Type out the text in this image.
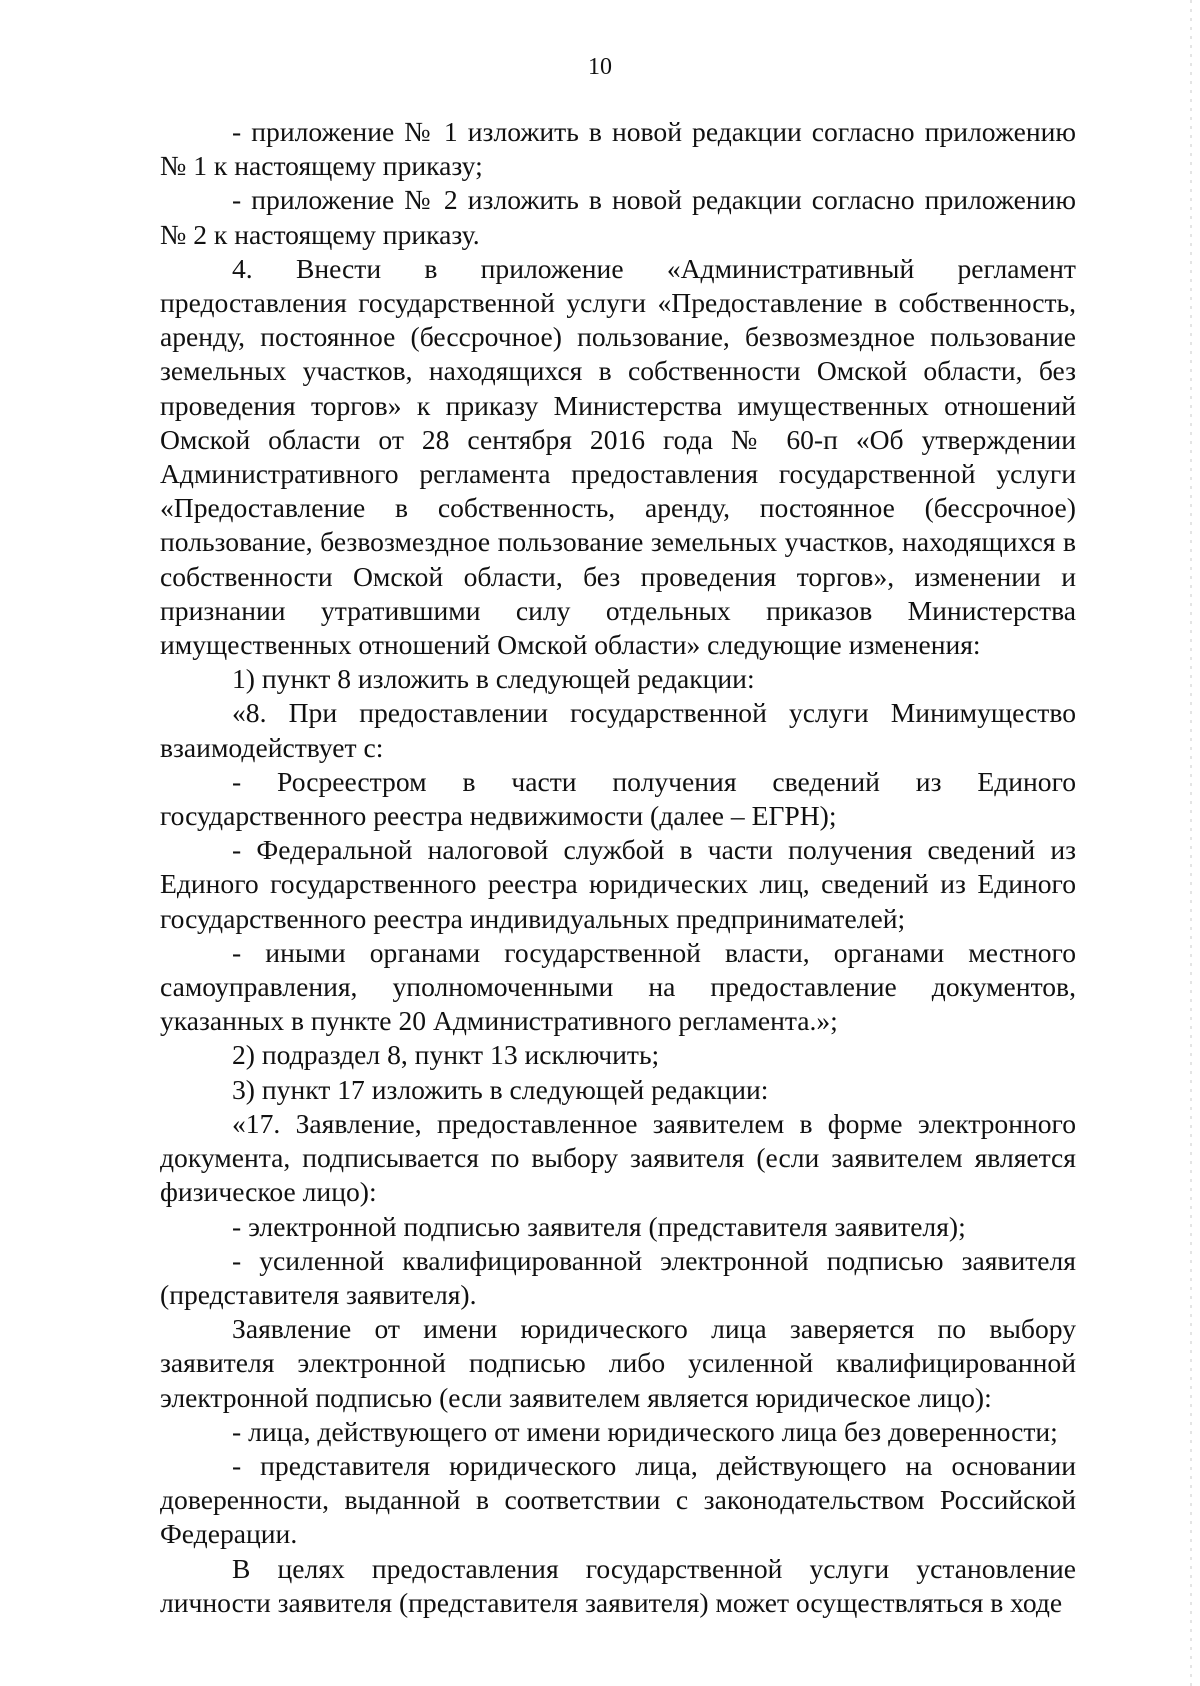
10

- приложение № 1 изложить в новой редакции согласно приложению № 1 к настоящему приказу;

- приложение № 2 изложить в новой редакции согласно приложению № 2 к настоящему приказу.

4. Внести в приложение «Административный регламент предоставления государственной услуги «Предоставление в собственность, аренду, постоянное (бессрочное) пользование, безвозмездное пользование земельных участков, находящихся в собственности Омской области, без проведения торгов» к приказу Министерства имущественных отношений Омской области от 28 сентября 2016 года № 60-п «Об утверждении Административного регламента предоставления государственной услуги «Предоставление в собственность, аренду, постоянное (бессрочное) пользование, безвозмездное пользование земельных участков, находящихся в собственности Омской области, без проведения торгов», изменении и признании утратившими силу отдельных приказов Министерства имущественных отношений Омской области» следующие изменения:

1) пункт 8 изложить в следующей редакции:

«8. При предоставлении государственной услуги Минимущество взаимодействует с:

- Росреестром в части получения сведений из Единого государственного реестра недвижимости (далее – ЕГРН);

- Федеральной налоговой службой в части получения сведений из Единого государственного реестра юридических лиц, сведений из Единого государственного реестра индивидуальных предпринимателей;

- иными органами государственной власти, органами местного самоуправления, уполномоченными на предоставление документов, указанных в пункте 20 Административного регламента.»;

2) подраздел 8, пункт 13 исключить;

3) пункт 17 изложить в следующей редакции:

«17. Заявление, предоставленное заявителем в форме электронного документа, подписывается по выбору заявителя (если заявителем является физическое лицо):

- электронной подписью заявителя (представителя заявителя);

- усиленной квалифицированной электронной подписью заявителя (представителя заявителя).

Заявление от имени юридического лица заверяется по выбору заявителя электронной подписью либо усиленной квалифицированной электронной подписью (если заявителем является юридическое лицо):

- лица, действующего от имени юридического лица без доверенности;

- представителя юридического лица, действующего на основании доверенности, выданной в соответствии с законодательством Российской Федерации.

В целях предоставления государственной услуги установление личности заявителя (представителя заявителя) может осуществляться в ходе
